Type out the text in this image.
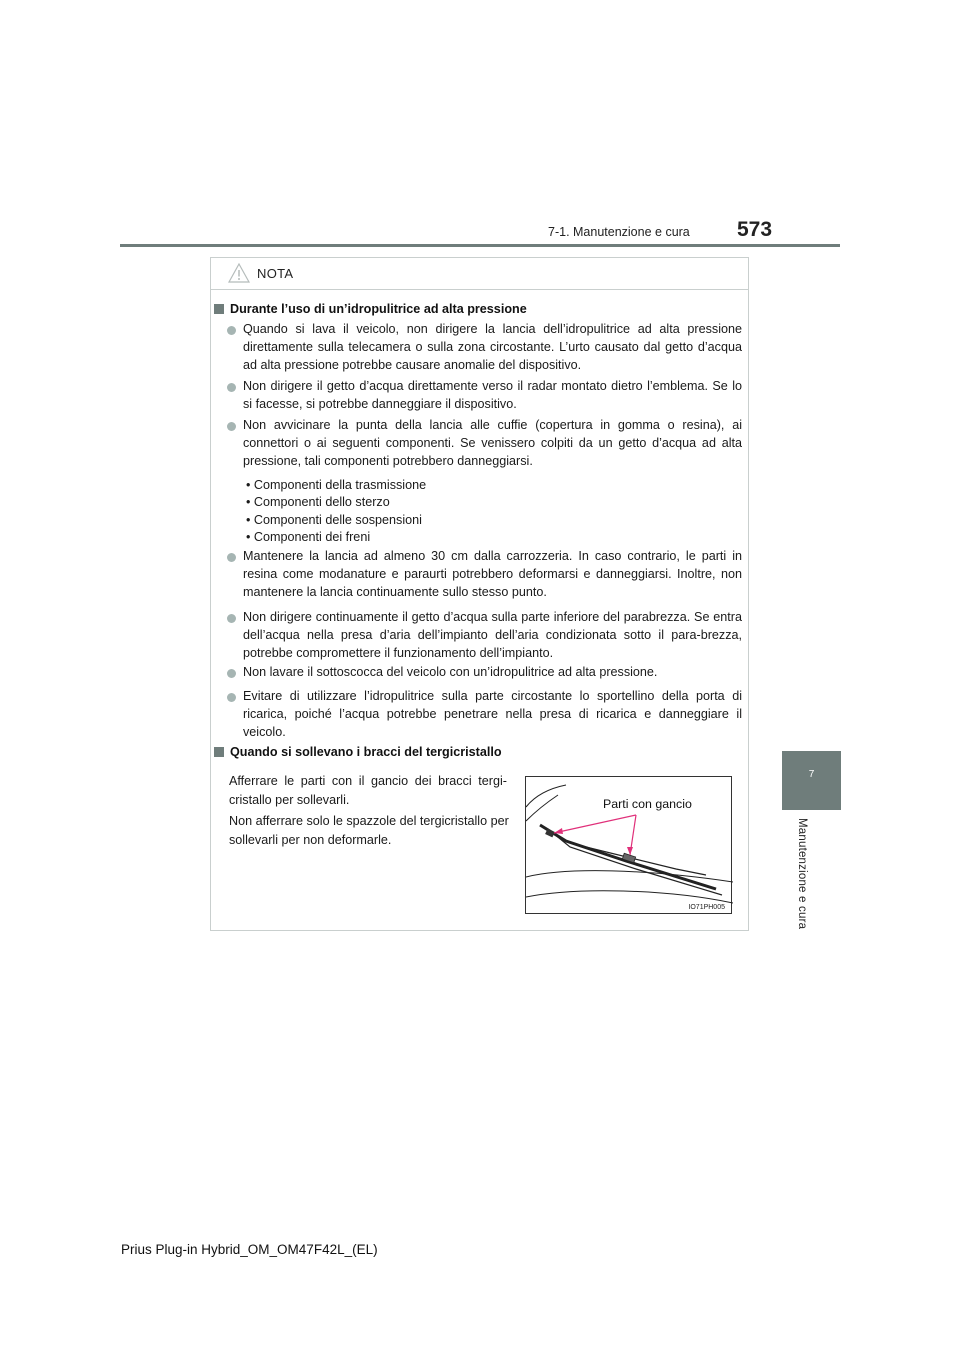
7-1. Manutenzione e cura 573
7
Manutenzione e cura
NOTA
Durante l’uso di un’idropulitrice ad alta pressione
Quando si lava il veicolo, non dirigere la lancia dell’idropulitrice ad alta pressione direttamente sulla telecamera o sulla zona circostante. L’urto causato dal getto d’acqua ad alta pressione potrebbe causare anomalie del dispositivo.
Non dirigere il getto d’acqua direttamente verso il radar montato dietro l’emblema. Se lo si facesse, si potrebbe danneggiare il dispositivo.
Non avvicinare la punta della lancia alle cuffie (copertura in gomma o resina), ai connettori o ai seguenti componenti. Se venissero colpiti da un getto d’acqua ad alta pressione, tali componenti potrebbero danneggiarsi.
• Componenti della trasmissione
• Componenti dello sterzo
• Componenti delle sospensioni
• Componenti dei freni
Mantenere la lancia ad almeno 30 cm dalla carrozzeria. In caso contrario, le parti in resina come modanature e paraurti potrebbero deformarsi e danneggiarsi. Inoltre, non mantenere la lancia continuamente sullo stesso punto.
Non dirigere continuamente il getto d’acqua sulla parte inferiore del parabrezza. Se entra dell’acqua nella presa d’aria dell’impianto dell’aria condizionata sotto il para-brezza, potrebbe compromettere il funzionamento dell’impianto.
Non lavare il sottoscocca del veicolo con un’idropulitrice ad alta pressione.
Evitare di utilizzare l’idropulitrice sulla parte circostante lo sportellino della porta di ricarica, poiché l’acqua potrebbe penetrare nella presa di ricarica e danneggiare il veicolo.
Quando si sollevano i bracci del tergicristallo
Afferrare le parti con il gancio dei bracci tergi-cristallo per sollevarli.
Non afferrare solo le spazzole del tergicristallo per sollevarli per non deformarle.
Parti con gancio
IO71PH005
Prius Plug-in Hybrid_OM_OM47F42L_(EL)
